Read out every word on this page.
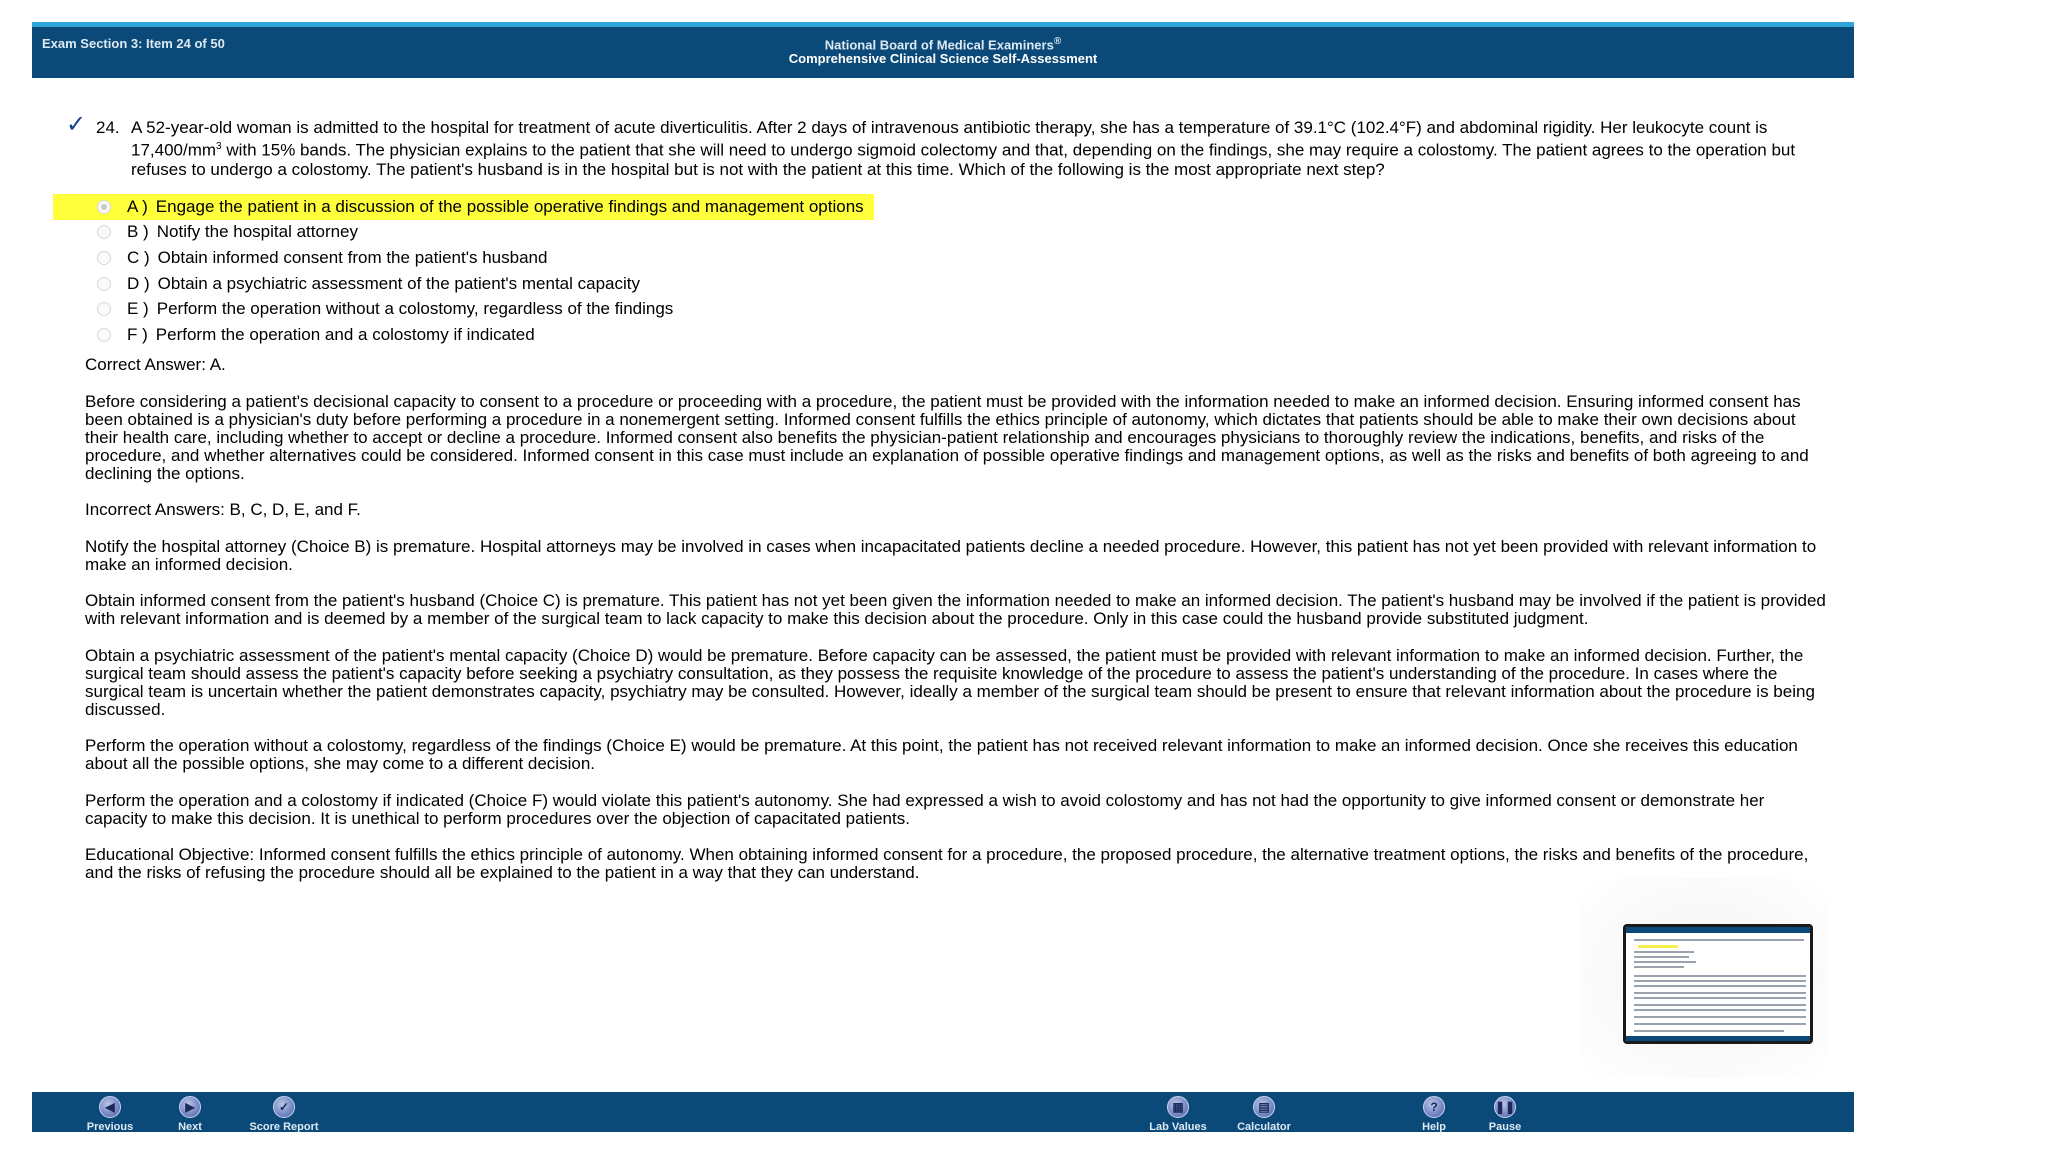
Exam Section 3: Item 24 of 50	National Board of Medical Examiners®
Comprehensive Clinical Science Self-Assessment
✓ 24. A 52-year-old woman is admitted to the hospital for treatment of acute diverticulitis. After 2 days of intravenous antibiotic therapy, she has a temperature of 39.1°C (102.4°F) and abdominal rigidity. Her leukocyte count is $17,400/mm^3$ with 15% bands. The physician explains to the patient that she will need to undergo sigmoid colectomy and that, depending on the findings, she may require a colostomy. The patient agrees to the operation but refuses to undergo a colostomy. The patient's husband is in the hospital but is not with the patient at this time. Which of the following is the most appropriate next step?
A ) Engage the patient in a discussion of the possible operative findings and management options
B ) Notify the hospital attorney
C ) Obtain informed consent from the patient's husband
D ) Obtain a psychiatric assessment of the patient's mental capacity
E ) Perform the operation without a colostomy, regardless of the findings
F ) Perform the operation and a colostomy if indicated

Correct Answer: A.

Before considering a patient's decisional capacity to consent to a procedure or proceeding with a procedure, the patient must be provided with the information needed to make an informed decision. Ensuring informed consent has been obtained is a physician's duty before performing a procedure in a nonemergent setting. Informed consent fulfills the ethics principle of autonomy, which dictates that patients should be able to make their own decisions about their health care, including whether to accept or decline a procedure. Informed consent also benefits the physician-patient relationship and encourages physicians to thoroughly review the indications, benefits, and risks of the procedure, and whether alternatives could be considered. Informed consent in this case must include an explanation of possible operative findings and management options, as well as the risks and benefits of both agreeing to and declining the options.

Incorrect Answers: B, C, D, E, and F.

Notify the hospital attorney (Choice B) is premature. Hospital attorneys may be involved in cases when incapacitated patients decline a needed procedure. However, this patient has not yet been provided with relevant information to make an informed decision.

Obtain informed consent from the patient's husband (Choice C) is premature. This patient has not yet been given the information needed to make an informed decision. The patient's husband may be involved if the patient is provided with relevant information and is deemed by a member of the surgical team to lack capacity to make this decision about the procedure. Only in this case could the husband provide substituted judgment.

Obtain a psychiatric assessment of the patient's mental capacity (Choice D) would be premature. Before capacity can be assessed, the patient must be provided with relevant information to make an informed decision. Further, the surgical team should assess the patient's capacity before seeking a psychiatry consultation, as they possess the requisite knowledge of the procedure to assess the patient's understanding of the procedure. In cases where the surgical team is uncertain whether the patient demonstrates capacity, psychiatry may be consulted. However, ideally a member of the surgical team should be present to ensure that relevant information about the procedure is being discussed.

Perform the operation without a colostomy, regardless of the findings (Choice E) would be premature. At this point, the patient has not received relevant information to make an informed decision. Once she receives this education about all the possible options, she may come to a different decision.

Perform the operation and a colostomy if indicated (Choice F) would violate this patient's autonomy. She had expressed a wish to avoid colostomy and has not had the opportunity to give informed consent or demonstrate her capacity to make this decision. It is unethical to perform procedures over the objection of capacitated patients.

Educational Objective: Informed consent fulfills the ethics principle of autonomy. When obtaining informed consent for a procedure, the proposed procedure, the alternative treatment options, the risks and benefits of the procedure, and the risks of refusing the procedure should all be explained to the patient in a way that they can understand.

◀
Previous
▶
Next
✓
Score Report
▦
Lab Values
▤
Calculator
?
Help
❚❚
Pause
